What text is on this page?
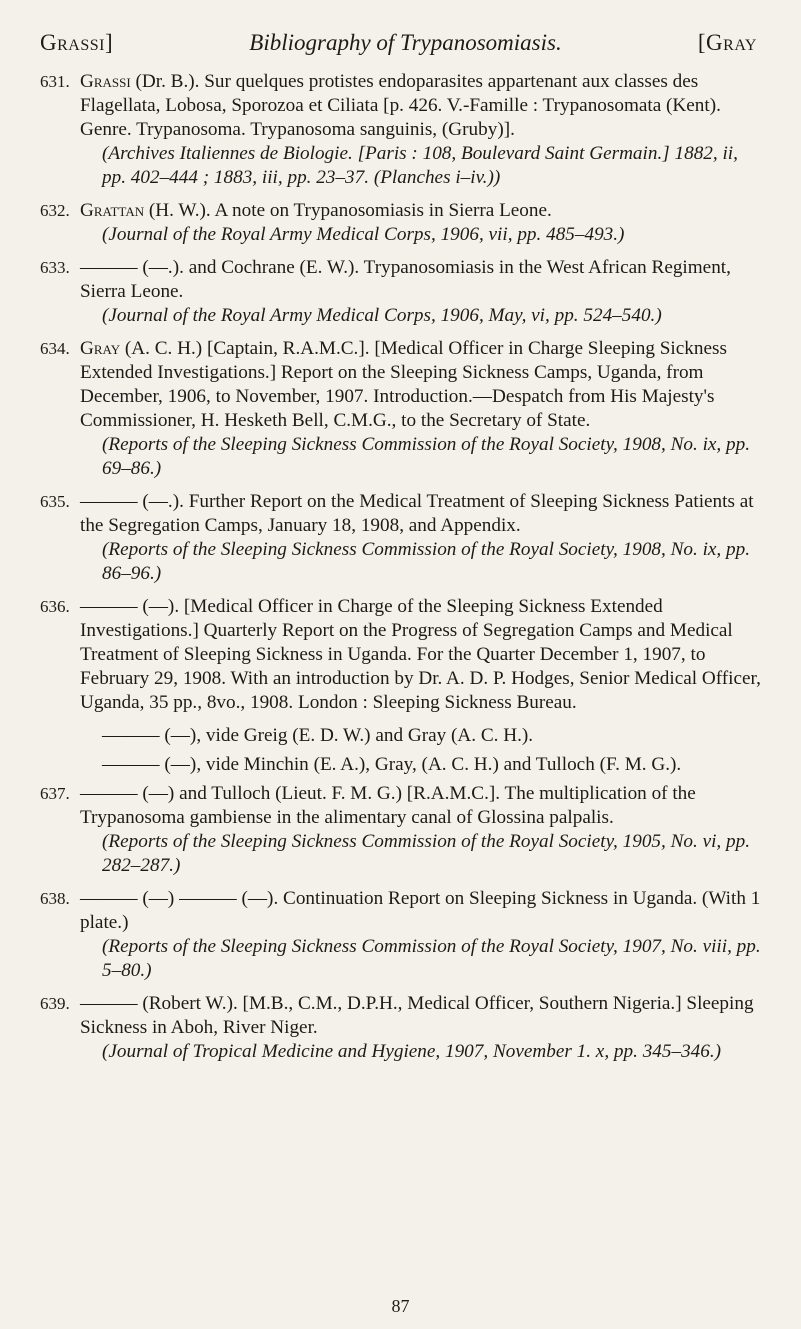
Grassi]	Bibliography of Trypanosomiasis.	[Gray
631. Grassi (Dr. B.). Sur quelques protistes endoparasites appartenant aux classes des Flagellata, Lobosa, Sporozoa et Ciliata [p. 426. V.-Famille : Trypanosomata (Kent). Genre. Trypanosoma. Trypanosoma sanguinis, (Gruby)].
(Archives Italiennes de Biologie. [Paris : 108, Boulevard Saint Germain.] 1882, ii, pp. 402–444 ; 1883, iii, pp. 23–37. (Planches i–iv.))
632. Grattan (H. W.). A note on Trypanosomiasis in Sierra Leone.
(Journal of the Royal Army Medical Corps, 1906, vii, pp. 485–493.)
633. ——— (—.). and Cochrane (E. W.). Trypanosomiasis in the West African Regiment, Sierra Leone.
(Journal of the Royal Army Medical Corps, 1906, May, vi, pp. 524–540.)
634. Gray (A. C. H.) [Captain, R.A.M.C.]. [Medical Officer in Charge Sleeping Sickness Extended Investigations.] Report on the Sleeping Sickness Camps, Uganda, from December, 1906, to November, 1907. Introduction.—Despatch from His Majesty's Commissioner, H. Hesketh Bell, C.M.G., to the Secretary of State.
(Reports of the Sleeping Sickness Commission of the Royal Society, 1908, No. ix, pp. 69–86.)
635. ——— (—.). Further Report on the Medical Treatment of Sleeping Sickness Patients at the Segregation Camps, January 18, 1908, and Appendix.
(Reports of the Sleeping Sickness Commission of the Royal Society, 1908, No. ix, pp. 86–96.)
636. ——— (—). [Medical Officer in Charge of the Sleeping Sickness Extended Investigations.] Quarterly Report on the Progress of Segregation Camps and Medical Treatment of Sleeping Sickness in Uganda. For the Quarter December 1, 1907, to February 29, 1908. With an introduction by Dr. A. D. P. Hodges, Senior Medical Officer, Uganda, 35 pp., 8vo., 1908. London : Sleeping Sickness Bureau.
——— (—), vide Greig (E. D. W.) and Gray (A. C. H.).
——— (—), vide Minchin (E. A.), Gray, (A. C. H.) and Tulloch (F. M. G.).
637. ——— (—) and Tulloch (Lieut. F. M. G.) [R.A.M.C.]. The multiplication of the Trypanosoma gambiense in the alimentary canal of Glossina palpalis.
(Reports of the Sleeping Sickness Commission of the Royal Society, 1905, No. vi, pp. 282–287.)
638. ——— (—) ——— (—). Continuation Report on Sleeping Sickness in Uganda. (With 1 plate.)
(Reports of the Sleeping Sickness Commission of the Royal Society, 1907, No. viii, pp. 5–80.)
639. ——— (Robert W.). [M.B., C.M., D.P.H., Medical Officer, Southern Nigeria.] Sleeping Sickness in Aboh, River Niger.
(Journal of Tropical Medicine and Hygiene, 1907, November 1. x, pp. 345–346.)
87
